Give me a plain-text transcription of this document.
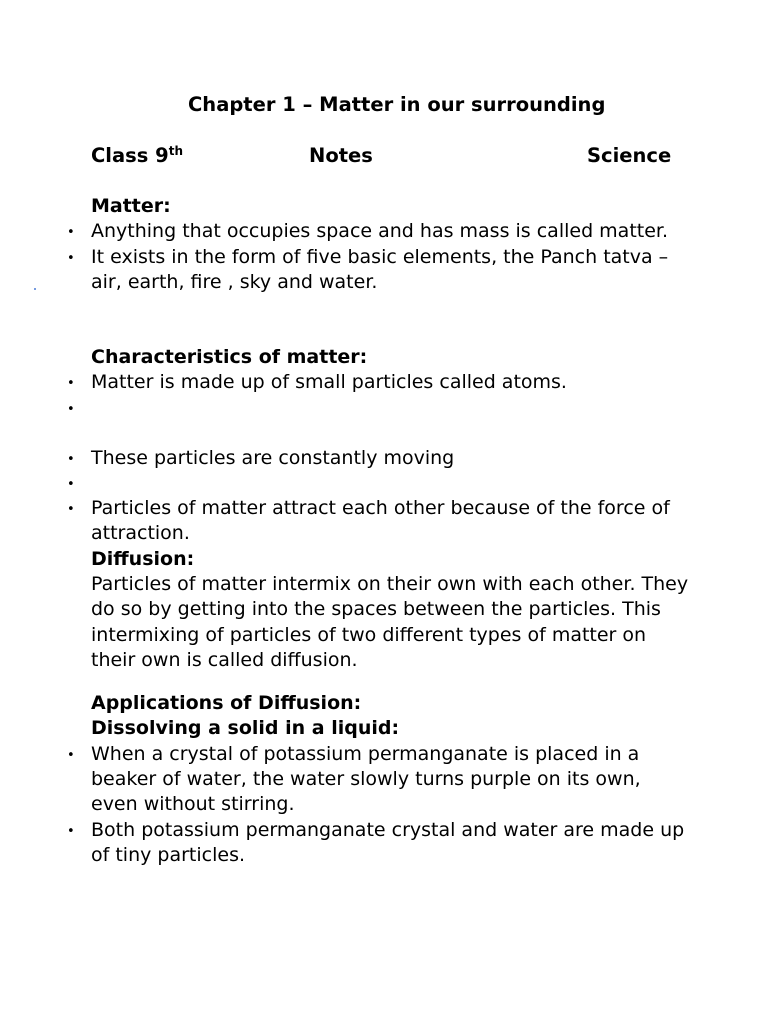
Chapter 1 – Matter in our surrounding
Class 9th	Notes	Science

Matter:

• Anything that occupies space and has mass is called matter.
• It exists in the form of five basic elements, the Panch tatva – air, earth, fire , sky and water.

Characteristics of matter:

• Matter is made up of small particles called atoms.
•
• These particles are constantly moving
•
• Particles of matter attract each other because of the force of attraction.

Diffusion:

Particles of matter intermix on their own with each other. They do so by getting into the spaces between the particles. This intermixing of particles of two different types of matter on their own is called diffusion.

Applications of Diffusion:

Dissolving a solid in a liquid:

• When a crystal of potassium permanganate is placed in a beaker of water, the water slowly turns purple on its own, even without stirring.
• Both potassium permanganate crystal and water are made up of tiny particles.
